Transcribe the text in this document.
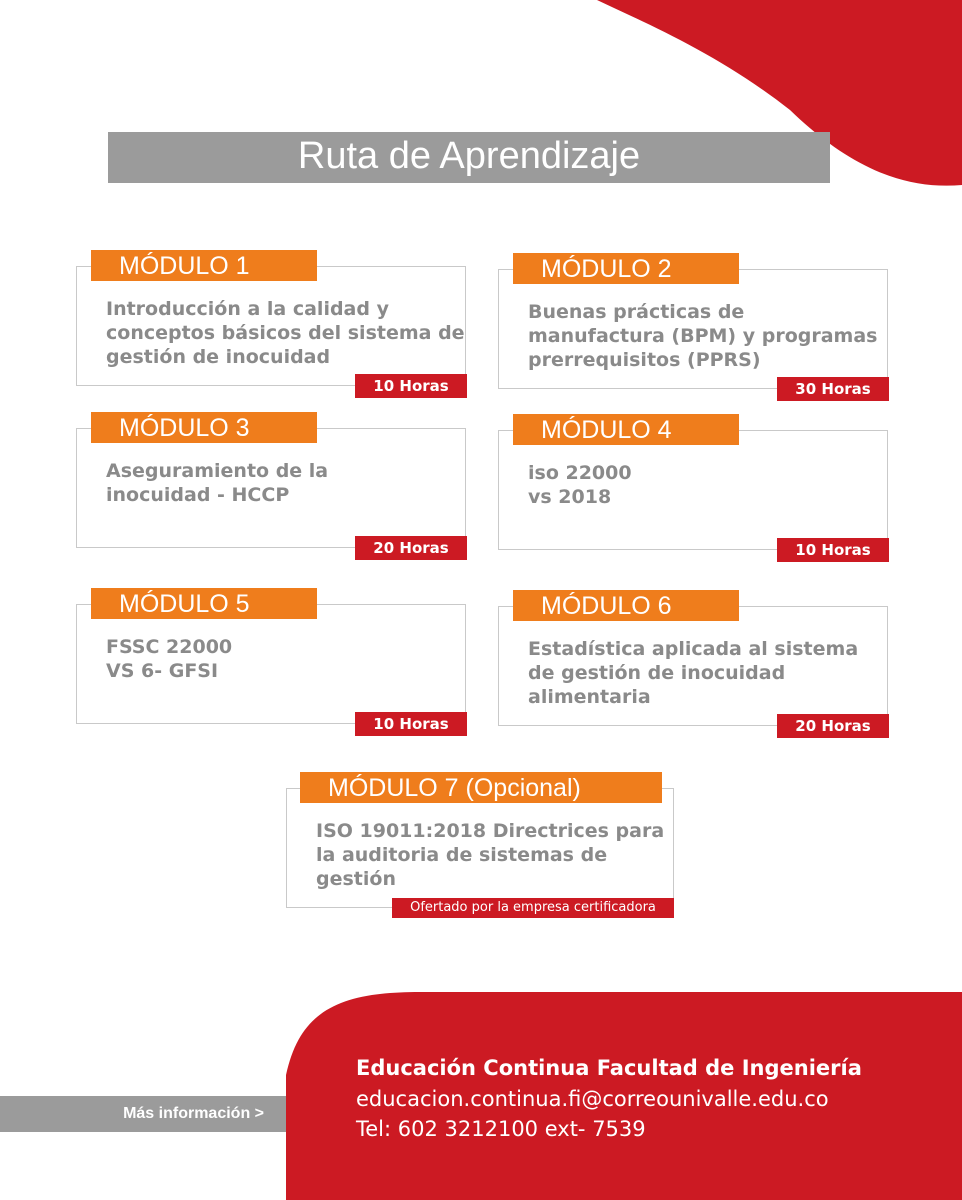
Ruta de Aprendizaje
MÓDULO 1
Introducción a la calidad y
conceptos básicos del sistema de
gestión de inocuidad
10 Horas
MÓDULO 2
Buenas prácticas de
manufactura (BPM) y programas
prerrequisitos (PPRS)
30 Horas
MÓDULO 3
Aseguramiento de la
inocuidad - HCCP
20 Horas
MÓDULO 4
iso 22000
vs 2018
10 Horas
MÓDULO 5
FSSC 22000
VS 6- GFSI
10 Horas
MÓDULO 6
Estadística aplicada al sistema
de gestión de inocuidad
alimentaria
20 Horas
MÓDULO 7 (Opcional)
ISO 19011:2018 Directrices para
la auditoria de sistemas de
gestión
Ofertado por la empresa certificadora
Más información >
Educación Continua Facultad de Ingeniería
educacion.continua.fi@correounivalle.edu.co
Tel: 602 3212100 ext- 7539
